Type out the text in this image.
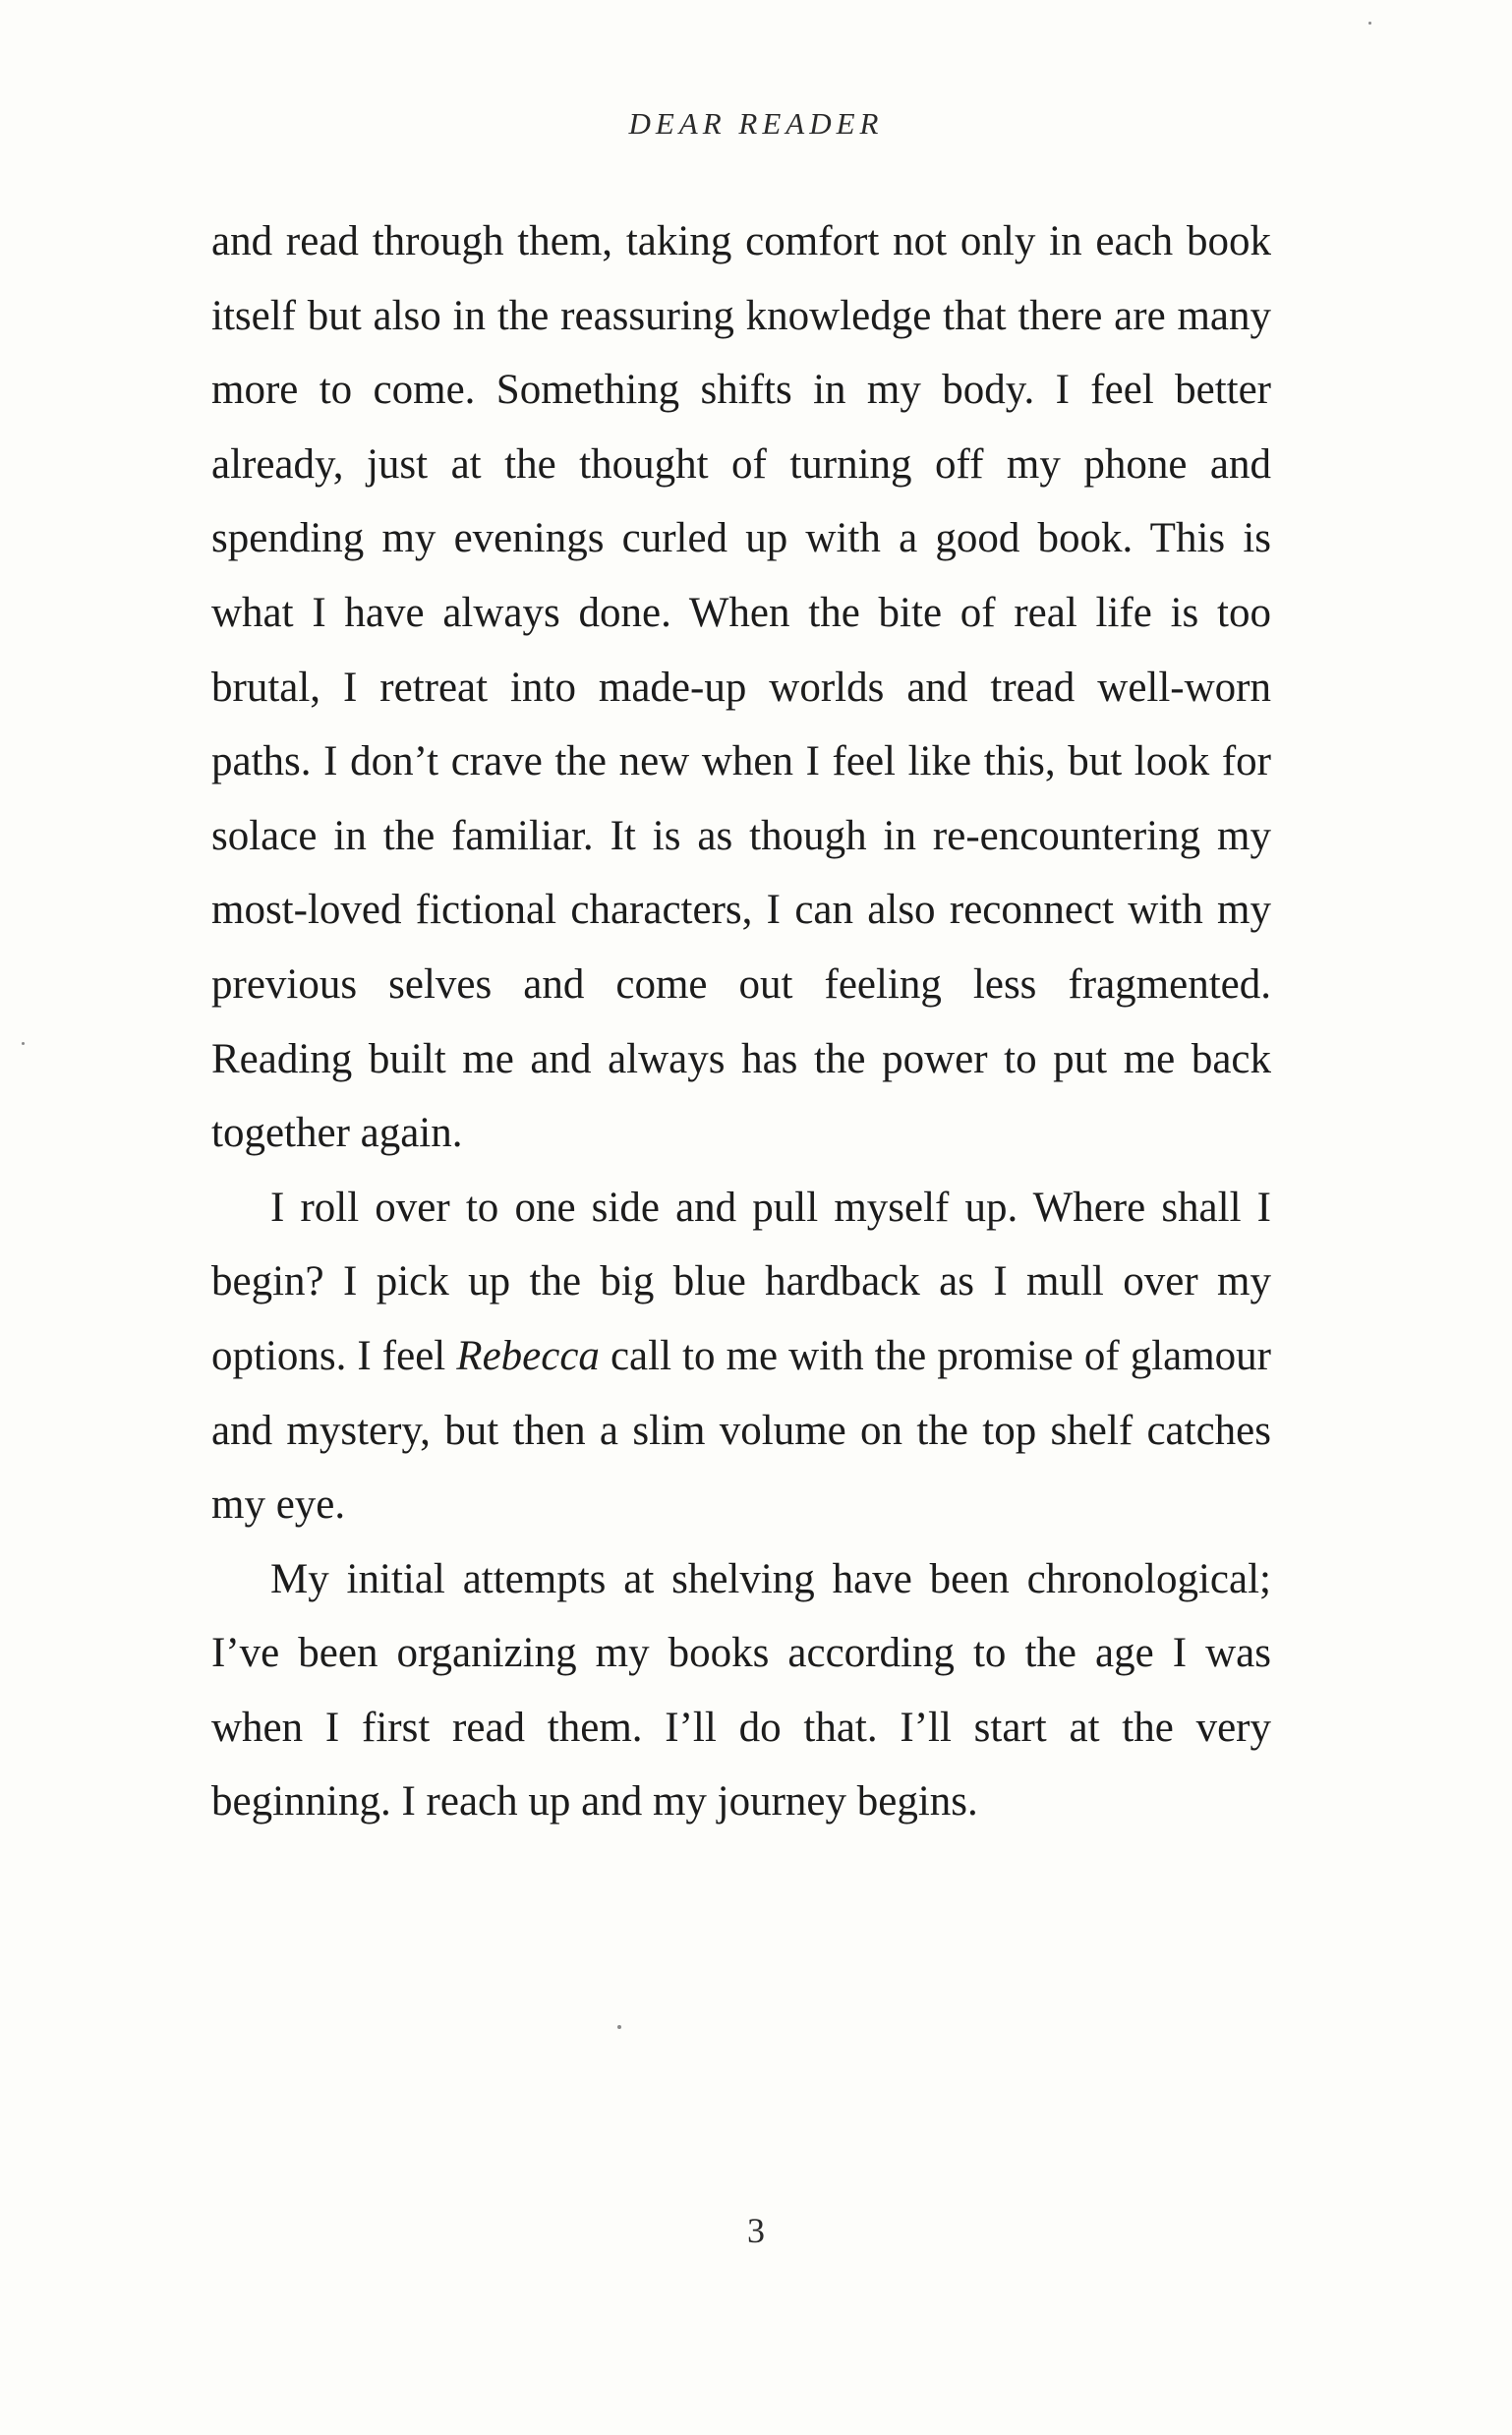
DEAR READER

and read through them, taking comfort not only in each book itself but also in the reassuring knowledge that there are many more to come. Something shifts in my body. I feel better already, just at the thought of turning off my phone and spending my evenings curled up with a good book. This is what I have always done. When the bite of real life is too brutal, I retreat into made-up worlds and tread well-worn paths. I don’t crave the new when I feel like this, but look for solace in the familiar. It is as though in re-encountering my most-loved fictional characters, I can also reconnect with my previous selves and come out feeling less fragmented. Reading built me and always has the power to put me back together again.

I roll over to one side and pull myself up. Where shall I begin? I pick up the big blue hardback as I mull over my options. I feel Rebecca call to me with the promise of glamour and mystery, but then a slim volume on the top shelf catches my eye.

My initial attempts at shelving have been chronological; I’ve been organizing my books according to the age I was when I first read them. I’ll do that. I’ll start at the very beginning. I reach up and my journey begins.

3
